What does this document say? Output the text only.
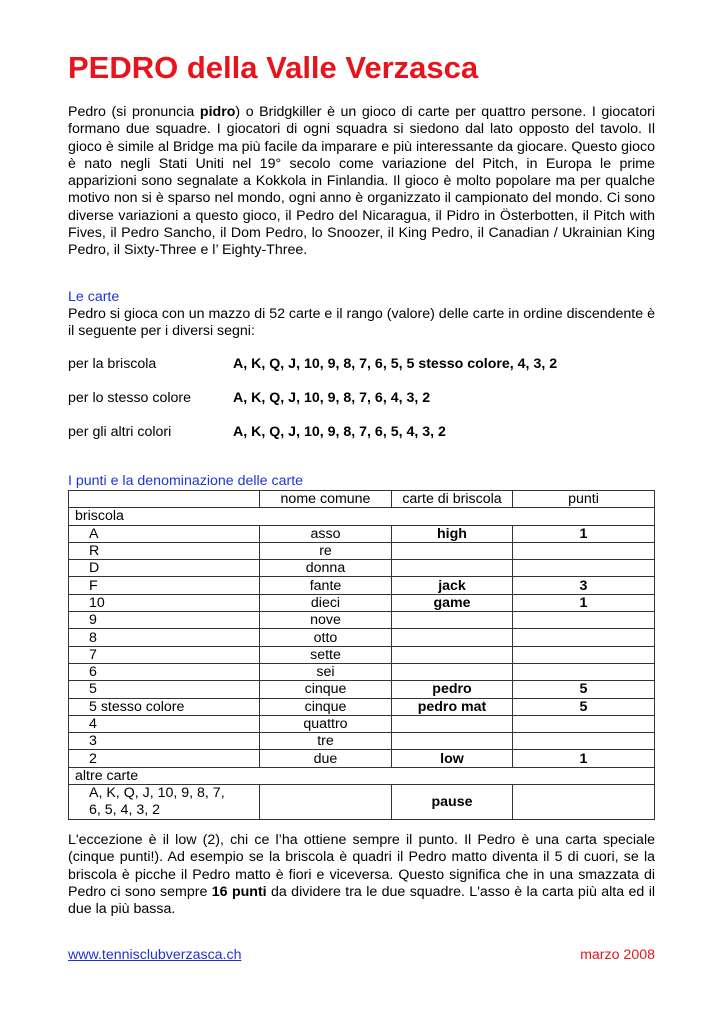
PEDRO della Valle Verzasca

Pedro (si pronuncia pidro) o Bridgkiller è un gioco di carte per quattro persone. I giocatori formano due squadre. I giocatori di ogni squadra si siedono dal lato opposto del tavolo. Il gioco è simile al Bridge ma più facile da imparare e più interessante da giocare. Questo gioco è nato negli Stati Uniti nel 19° secolo come variazione del Pitch, in Europa le prime apparizioni sono segnalate a Kokkola in Finlandia. Il gioco è molto popolare ma per qualche motivo non si è sparso nel mondo, ogni anno è organizzato il campionato del mondo. Ci sono diverse variazioni a questo gioco, il Pedro del Nicaragua, il Pidro in Österbotten, il Pitch with Fives, il Pedro Sancho, il Dom Pedro, lo Snoozer, il King Pedro, il Canadian / Ukrainian King Pedro, il Sixty-Three e l’ Eighty-Three.

Le carte

Pedro si gioca con un mazzo di 52 carte e il rango (valore) delle carte in ordine discendente è il seguente per i diversi segni:

per la briscola	A, K, Q, J, 10, 9, 8, 7, 6, 5, 5 stesso colore, 4, 3, 2
per lo stesso colore	A, K, Q, J, 10, 9, 8, 7, 6, 4, 3, 2
per gli altri colori	A, K, Q, J, 10, 9, 8, 7, 6, 5, 4, 3, 2

I punti e la denominazione delle carte

	nome comune	carte di briscola	punti
briscola			
A	asso	high	1
R	re		
D	donna		
F	fante	jack	3
10	dieci	game	1
9	nove		
8	otto		
7	sette		
6	sei		
5	cinque	pedro	5
5 stesso colore	cinque	pedro mat	5
4	quattro		
3	tre		
2	due	low	1
altre carte			
A, K, Q, J, 10, 9, 8, 7,
6, 5, 4, 3, 2		pause	

L'eccezione è il low (2), chi ce l’ha ottiene sempre il punto. Il Pedro è una carta speciale (cinque punti!). Ad esempio se la briscola è quadri il Pedro matto diventa il 5 di cuori, se la briscola è picche il Pedro matto è fiori e viceversa. Questo significa che in una smazzata di Pedro ci sono sempre 16 punti da dividere tra le due squadre. L'asso è la carta più alta ed il due la più bassa.

www.tennisclubverzasca.ch	marzo 2008
